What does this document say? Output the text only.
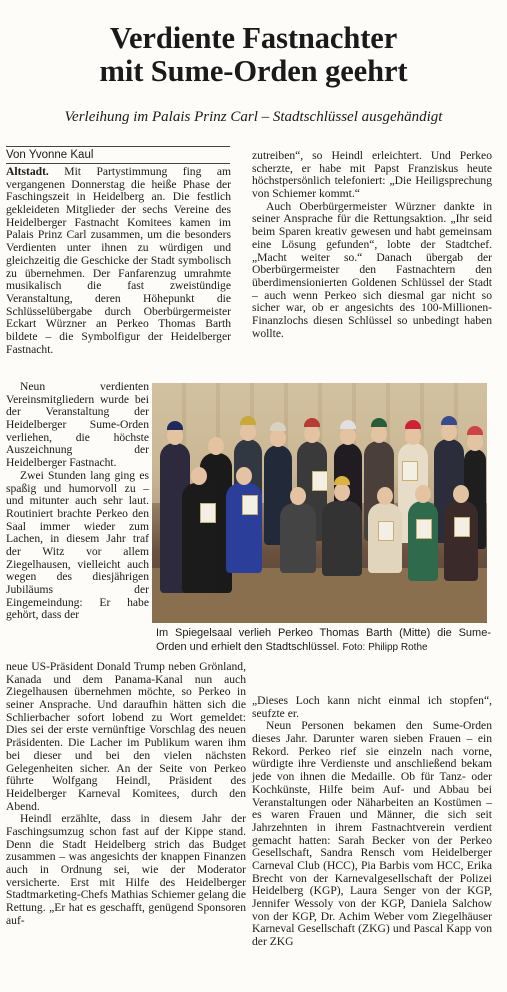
Verdiente Fastnachter
mit Sume-Orden geehrt
Verleihung im Palais Prinz Carl – Stadtschlüssel ausgehändigt
Von Yvonne Kaul

Altstadt. Mit Partystimmung fing am vergangenen Donnerstag die heiße Phase der Faschingszeit in Heidelberg an. Die festlich gekleideten Mitglieder der sechs Vereine des Heidelberger Fastnacht Komitees kamen im Palais Prinz Carl zusammen, um die besonders Verdienten unter ihnen zu würdigen und gleichzeitig die Geschicke der Stadt symbolisch zu übernehmen. Der Fanfarenzug umrahmte musikalisch die fast zweistündige Veranstaltung, deren Höhepunkt die Schlüsselübergabe durch Oberbürgermeister Eckart Würzner an Perkeo Thomas Barth bildete – die Symbolfigur der Heidelberger Fastnacht.

Neun verdienten Vereinsmitgliedern wurde bei der Veranstaltung der Heidelberger Sume-Orden verliehen, die höchste Auszeichnung der Heidelberger Fastnacht.

Zwei Stunden lang ging es spaßig und humorvoll zu – und mitunter auch sehr laut. Routiniert brachte Perkeo den Saal immer wieder zum Lachen, in diesem Jahr traf der Witz vor allem Ziegelhausen, vielleicht auch wegen des diesjährigen Jubiläums der Eingemeindung: Er habe gehört, dass der

Im Spiegelsaal verlieh Perkeo Thomas Barth (Mitte) die Sume-Orden und erhielt den Stadtschlüssel. Foto: Philipp Rothe

neue US-Präsident Donald Trump neben Grönland, Kanada und dem Panama-Kanal nun auch Ziegelhausen übernehmen möchte, so Perkeo in seiner Ansprache. Und daraufhin hätten sich die Schlierbacher sofort lobend zu Wort gemeldet: Dies sei der erste vernünftige Vorschlag des neuen Präsidenten. Die Lacher im Publikum waren ihm bei dieser und bei den vielen nächsten Gelegenheiten sicher. An der Seite von Perkeo führte Wolfgang Heindl, Präsident des Heidelberger Karneval Komitees, durch den Abend.

Heindl erzählte, dass in diesem Jahr der Faschingsumzug schon fast auf der Kippe stand. Denn die Stadt Heidelberg strich das Budget zusammen – was angesichts der knappen Finanzen auch in Ordnung sei, wie der Moderator versicherte. Erst mit Hilfe des Heidelberger Stadtmarketing-Chefs Mathias Schiemer gelang die Rettung. „Er hat es geschafft, genügend Sponsoren auf-

zutreiben“, so Heindl erleichtert. Und Perkeo scherzte, er habe mit Papst Franziskus heute höchstpersönlich telefoniert: „Die Heiligsprechung von Schiemer kommt.“

Auch Oberbürgermeister Würzner dankte in seiner Ansprache für die Rettungsaktion. „Ihr seid beim Sparen kreativ gewesen und habt gemeinsam eine Lösung gefunden“, lobte der Stadtchef. „Macht weiter so.“ Danach übergab der Oberbürgermeister den Fastnachtern den überdimensionierten Goldenen Schlüssel der Stadt – auch wenn Perkeo sich diesmal gar nicht so sicher war, ob er angesichts des 100-Millionen-Finanzlochs diesen Schlüssel so unbedingt haben wollte.

„Dieses Loch kann nicht einmal ich stopfen“, seufzte er.

Neun Personen bekamen den Sume-Orden dieses Jahr. Darunter waren sieben Frauen – ein Rekord. Perkeo rief sie einzeln nach vorne, würdigte ihre Verdienste und anschließend bekam jede von ihnen die Medaille. Ob für Tanz- oder Kochkünste, Hilfe beim Auf- und Abbau bei Veranstaltungen oder Näharbeiten an Kostümen – es waren Frauen und Männer, die sich seit Jahrzehnten in ihrem Fastnachtverein verdient gemacht hatten: Sarah Becker von der Perkeo Gesellschaft, Sandra Rensch vom Heidelberger Carneval Club (HCC), Pia Barbis vom HCC, Erika Brecht von der Karnevalgesellschaft der Polizei Heidelberg (KGP), Laura Senger von der KGP, Jennifer Wessoly von der KGP, Daniela Salchow von der KGP, Dr. Achim Weber vom Ziegelhäuser Karneval Gesellschaft (ZKG) und Pascal Kapp von der ZKG
